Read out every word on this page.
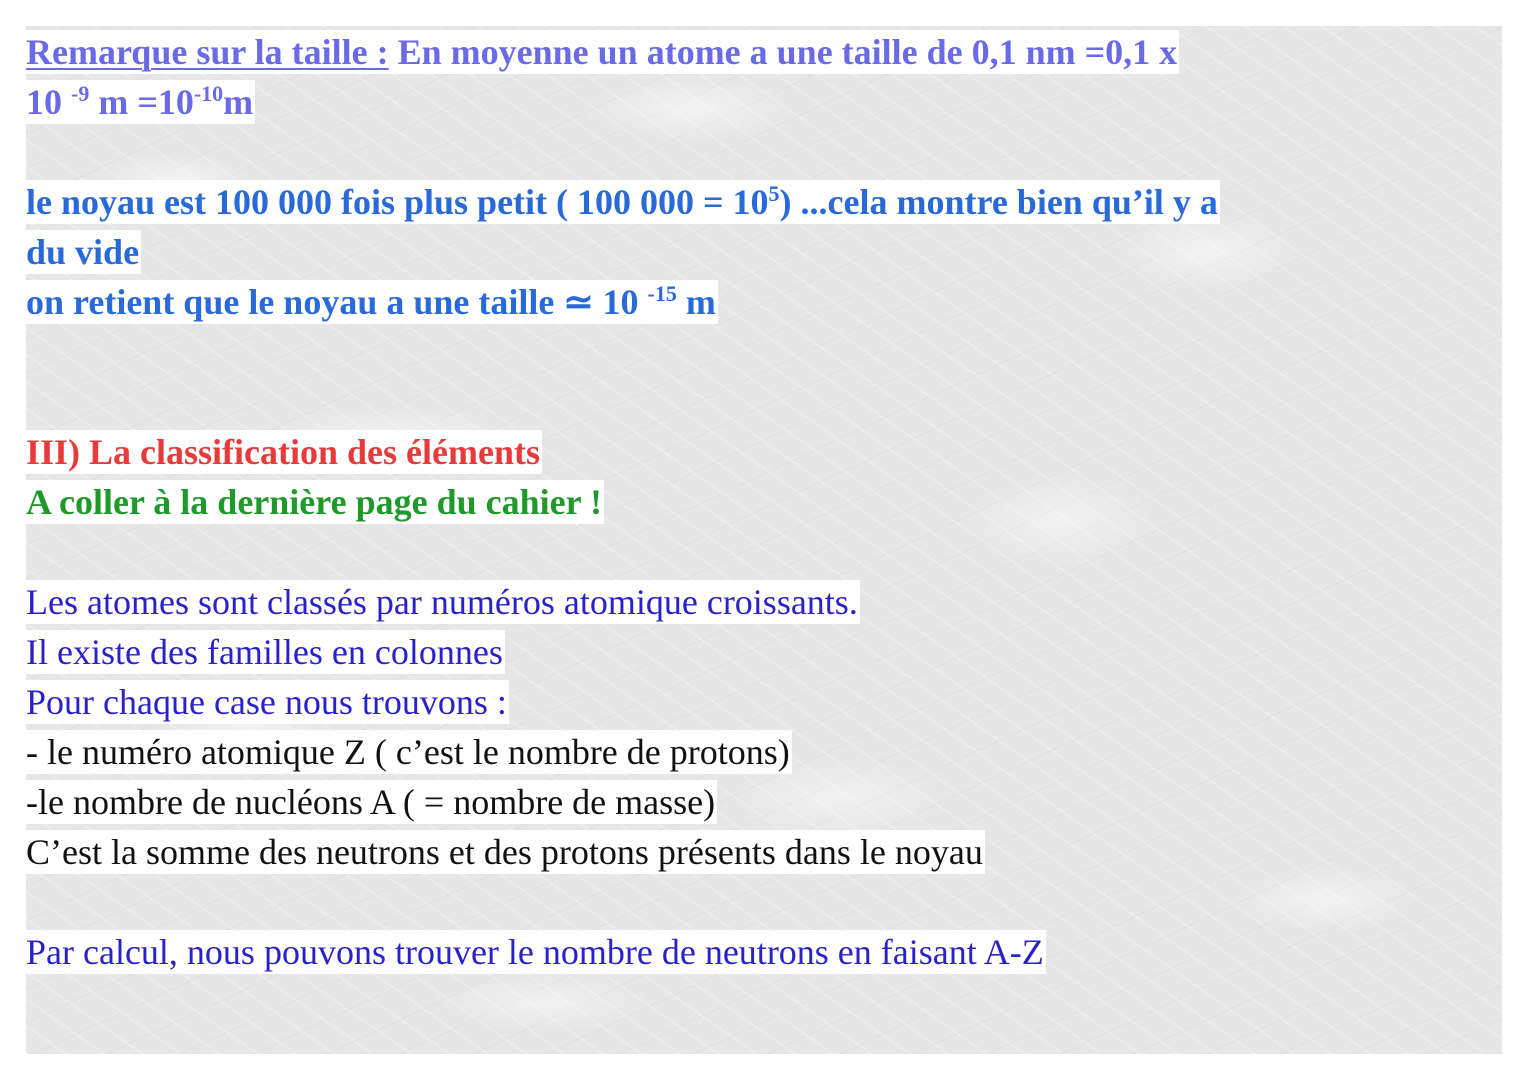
Remarque sur la taille : En moyenne un atome a une taille de 0,1 nm =0,1 x
10 $^{-9}$ $m =10^{-10}m$
le noyau est 100 000 fois plus petit ( 100 $000 = 10^5$) ...cela montre bien qu’il y a
du vide
on retient que le noyau a une taille ≃ 10 $^{-15}$ m
III) La classification des éléments
A coller à la dernière page du cahier !
Les atomes sont classés par numéros atomique croissants.
Il existe des familles en colonnes
Pour chaque case nous trouvons :
- le numéro atomique Z ( c’est le nombre de protons)
-le nombre de nucléons A ( = nombre de masse)
C’est la somme des neutrons et des protons présents dans le noyau
Par calcul, nous pouvons trouver le nombre de neutrons en faisant A-Z
